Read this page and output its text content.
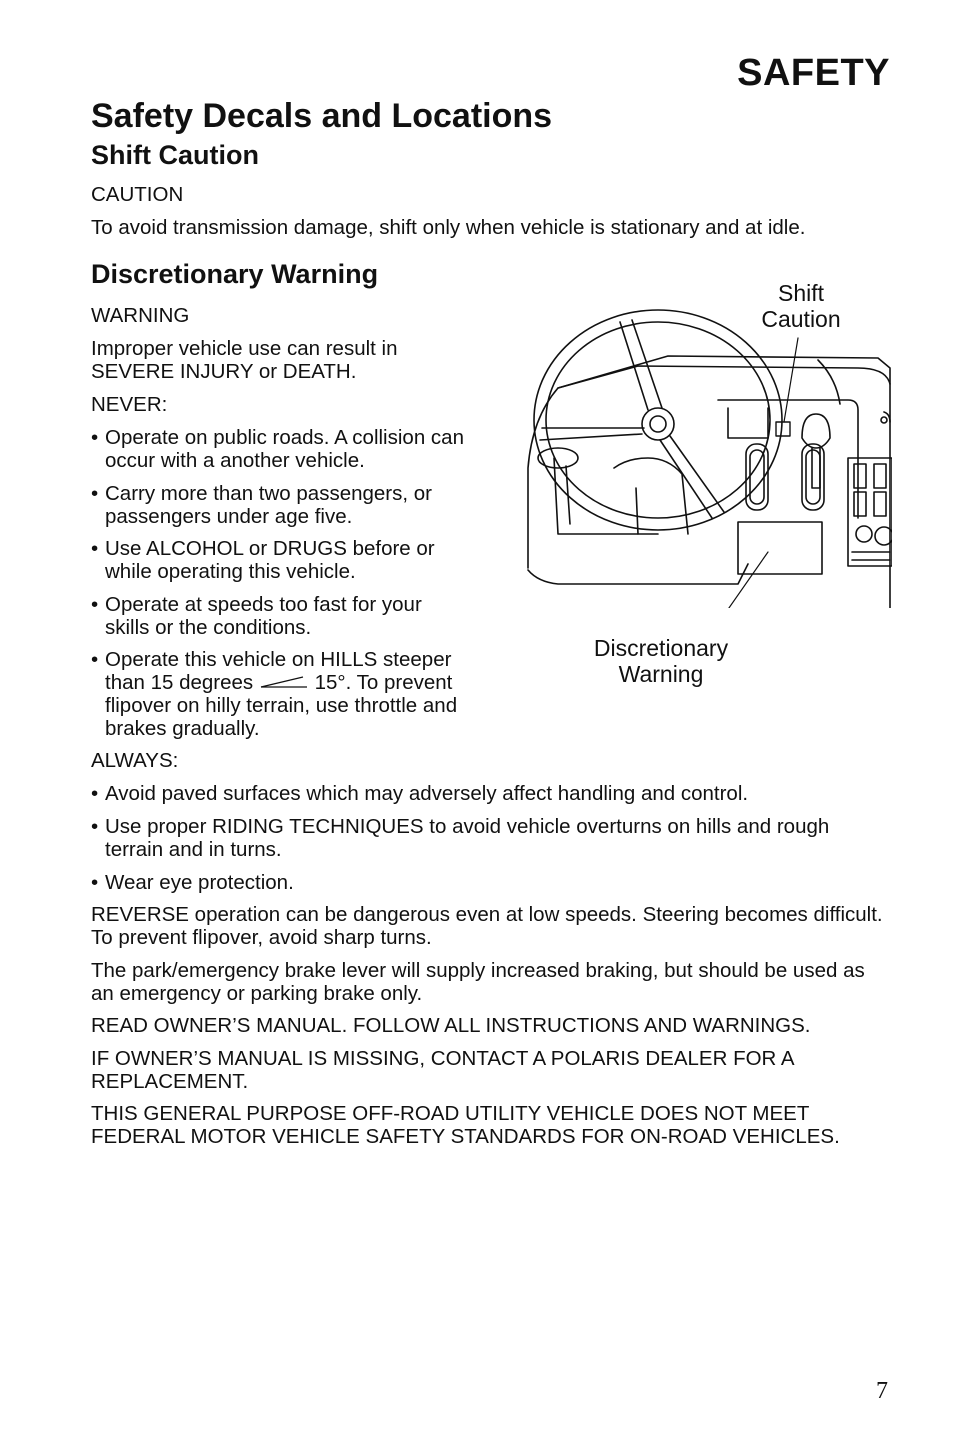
SAFETY
Safety Decals and Locations
Shift Caution
CAUTION
To avoid transmission damage, shift only when vehicle is stationary and at idle.
Discretionary Warning
WARNING
Improper vehicle use can result in SEVERE INJURY or DEATH.
NEVER:
• Operate on public roads. A collision can occur with a another vehicle.
• Carry more than two passengers, or passengers under age five.
• Use ALCOHOL or DRUGS before or while operating this vehicle.
• Operate at speeds too fast for your skills or the conditions.
• Operate this vehicle on HILLS steeper than 15 degrees	15°. To prevent flipover on hilly terrain, use throttle and brakes gradually.
ALWAYS:
• Avoid paved surfaces which may adversely affect handling and control.
• Use proper RIDING TECHNIQUES to avoid vehicle overturns on hills and rough terrain and in turns.
• Wear eye protection.
REVERSE operation can be dangerous even at low speeds. Steering becomes difficult. To prevent flipover, avoid sharp turns.
The park/emergency brake lever will supply increased braking, but should be used as an emergency or parking brake only.
READ OWNER’S MANUAL. FOLLOW ALL INSTRUCTIONS AND WARNINGS.
IF OWNER’S MANUAL IS MISSING, CONTACT A POLARIS DEALER FOR A REPLACEMENT.
THIS GENERAL PURPOSE OFF-ROAD UTILITY VEHICLE DOES NOT MEET FEDERAL MOTOR VEHICLE SAFETY STANDARDS FOR ON-ROAD VEHICLES.
Shift
Caution
Discretionary
Warning
7
